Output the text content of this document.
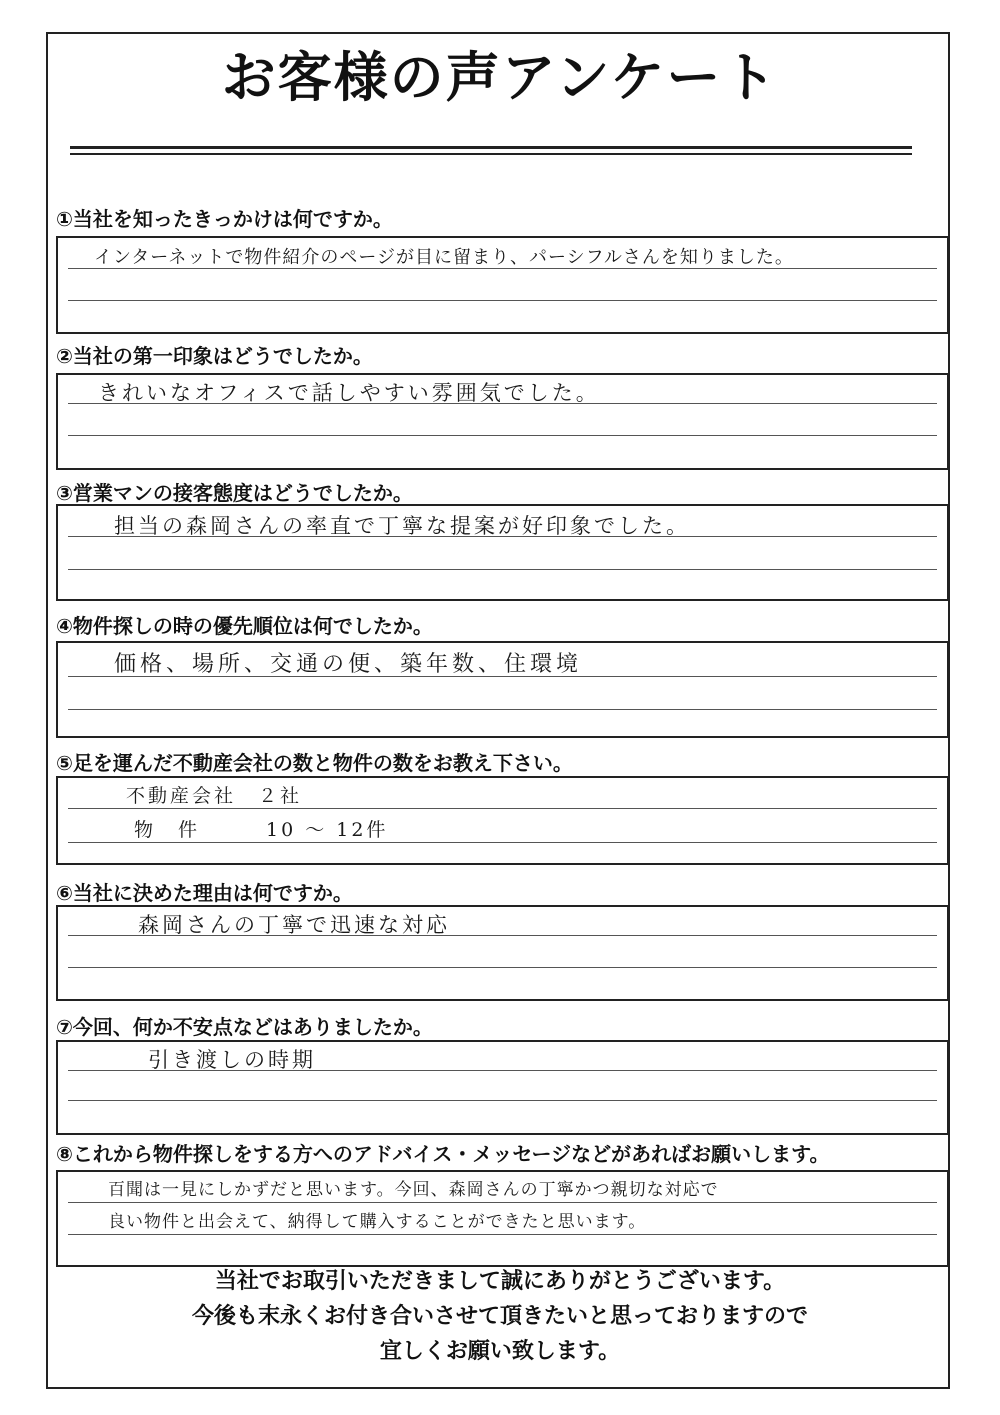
お客様の声アンケート
①当社を知ったきっかけは何ですか。
インターネットで物件紹介のページが目に留まり、パーシフルさんを知りました。
②当社の第一印象はどうでしたか。
きれいなオフィスで話しやすい雰囲気でした。
③営業マンの接客態度はどうでしたか。
担当の森岡さんの率直で丁寧な提案が好印象でした。
④物件探しの時の優先順位は何でしたか。
価格、場所、交通の便、築年数、住環境
⑤足を運んだ不動産会社の数と物件の数をお教え下さい。
不動産会社　２社
物　件　　　10 ～ 12件
⑥当社に決めた理由は何ですか。
森岡さんの丁寧で迅速な対応
⑦今回、何か不安点などはありましたか。
引き渡しの時期
⑧これから物件探しをする方へのアドバイス・メッセージなどがあればお願いします。
百聞は一見にしかずだと思います。今回、森岡さんの丁寧かつ親切な対応で
良い物件と出会えて、納得して購入することができたと思います。
当社でお取引いただきまして誠にありがとうございます。
今後も末永くお付き合いさせて頂きたいと思っておりますので
宜しくお願い致します。
